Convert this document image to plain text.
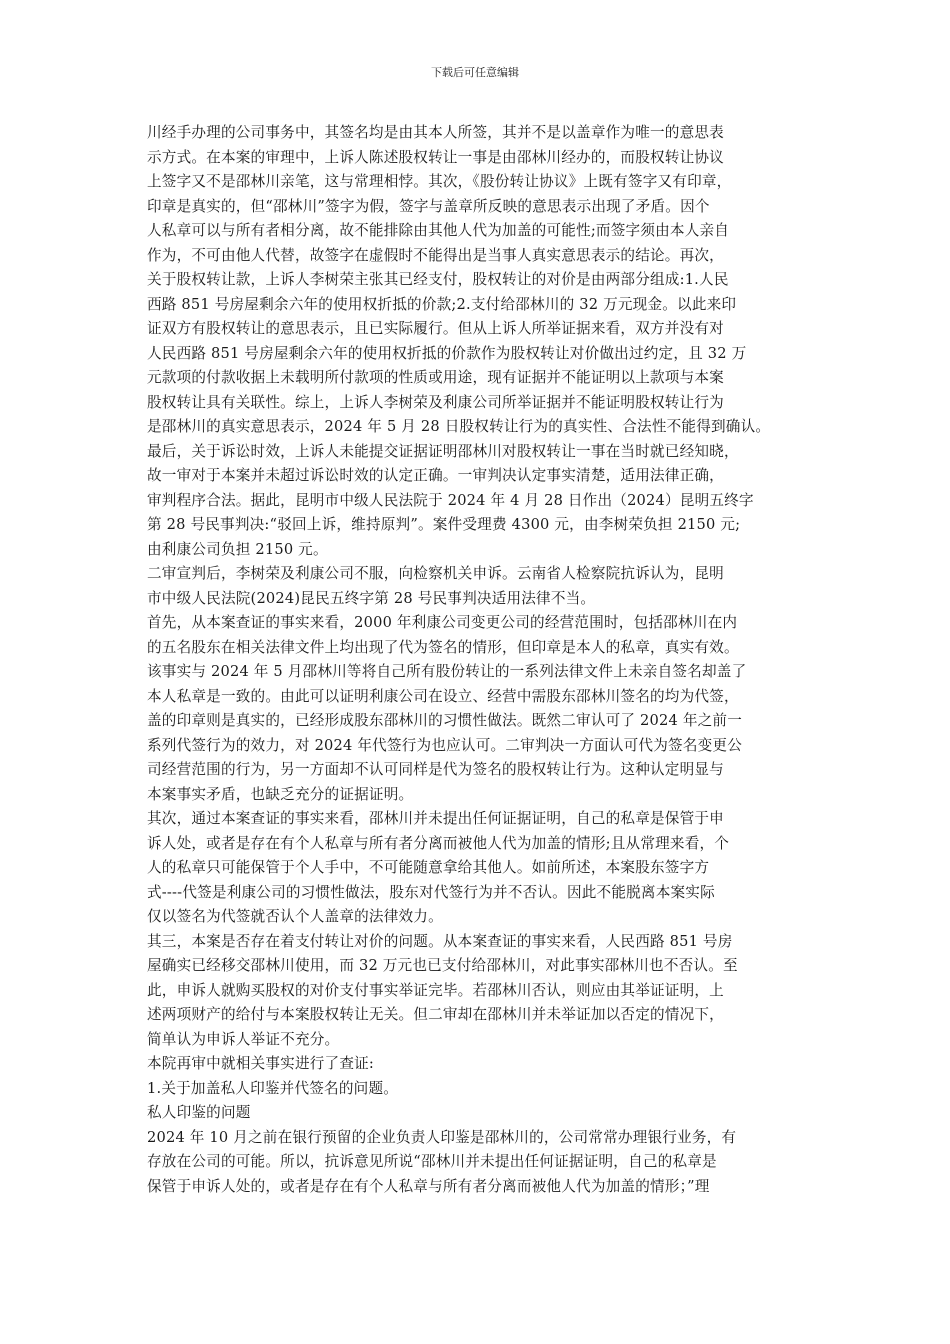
下载后可任意编辑
川经手办理的公司事务中，其签名均是由其本人所签，其并不是以盖章作为唯一的意思表
示方式。在本案的审理中，上诉人陈述股权转让一事是由邵林川经办的，而股权转让协议
上签字又不是邵林川亲笔，这与常理相悖。其次，《股份转让协议》上既有签字又有印章，
印章是真实的，但“邵林川”签字为假，签字与盖章所反映的意思表示出现了矛盾。因个
人私章可以与所有者相分离，故不能排除由其他人代为加盖的可能性;而签字须由本人亲自
作为，不可由他人代替，故签字在虚假时不能得出是当事人真实意思表示的结论。再次，
关于股权转让款，上诉人李树荣主张其已经支付，股权转让的对价是由两部分组成:1.人民
西路 851 号房屋剩余六年的使用权折抵的价款;2.支付给邵林川的 32 万元现金。以此来印
证双方有股权转让的意思表示，且已实际履行。但从上诉人所举证据来看，双方并没有对
人民西路 851 号房屋剩余六年的使用权折抵的价款作为股权转让对价做出过约定，且 32 万
元款项的付款收据上未载明所付款项的性质或用途，现有证据并不能证明以上款项与本案
股权转让具有关联性。综上，上诉人李树荣及利康公司所举证据并不能证明股权转让行为
是邵林川的真实意思表示，2024 年 5 月 28 日股权转让行为的真实性、合法性不能得到确认。
最后，关于诉讼时效，上诉人未能提交证据证明邵林川对股权转让一事在当时就已经知晓，
故一审对于本案并未超过诉讼时效的认定正确。一审判决认定事实清楚，适用法律正确，
审判程序合法。据此，昆明市中级人民法院于 2024 年 4 月 28 日作出（2024）昆明五终字
第 28 号民事判决:“驳回上诉，维持原判”。案件受理费 4300 元，由李树荣负担 2150 元;
由利康公司负担 2150 元。
二审宣判后，李树荣及利康公司不服，向检察机关申诉。云南省人检察院抗诉认为，昆明
市中级人民法院(2024)昆民五终字第 28 号民事判决适用法律不当。
首先，从本案查证的事实来看，2000 年利康公司变更公司的经营范围时，包括邵林川在内
的五名股东在相关法律文件上均出现了代为签名的情形，但印章是本人的私章，真实有效。
该事实与 2024 年 5 月邵林川等将自己所有股份转让的一系列法律文件上未亲自签名却盖了
本人私章是一致的。由此可以证明利康公司在设立、经营中需股东邵林川签名的均为代签，
盖的印章则是真实的，已经形成股东邵林川的习惯性做法。既然二审认可了 2024 年之前一
系列代签行为的效力，对 2024 年代签行为也应认可。二审判决一方面认可代为签名变更公
司经营范围的行为，另一方面却不认可同样是代为签名的股权转让行为。这种认定明显与
本案事实矛盾，也缺乏充分的证据证明。
其次，通过本案查证的事实来看，邵林川并未提出任何证据证明，自己的私章是保管于申
诉人处，或者是存在有个人私章与所有者分离而被他人代为加盖的情形;且从常理来看，个
人的私章只可能保管于个人手中，不可能随意拿给其他人。如前所述，本案股东签字方
式----代签是利康公司的习惯性做法，股东对代签行为并不否认。因此不能脱离本案实际
仅以签名为代签就否认个人盖章的法律效力。
其三，本案是否存在着支付转让对价的问题。从本案查证的事实来看，人民西路 851 号房
屋确实已经移交邵林川使用，而 32 万元也已支付给邵林川，对此事实邵林川也不否认。至
此，申诉人就购买股权的对价支付事实举证完毕。若邵林川否认，则应由其举证证明，上
述两项财产的给付与本案股权转让无关。但二审却在邵林川并未举证加以否定的情况下，
简单认为申诉人举证不充分。
本院再审中就相关事实进行了查证:
1.关于加盖私人印鉴并代签名的问题。
私人印鉴的问题
2024 年 10 月之前在银行预留的企业负责人印鉴是邵林川的，公司常常办理银行业务，有
存放在公司的可能。所以，抗诉意见所说“邵林川并未提出任何证据证明，自己的私章是
保管于申诉人处的，或者是存在有个人私章与所有者分离而被他人代为加盖的情形；”理
